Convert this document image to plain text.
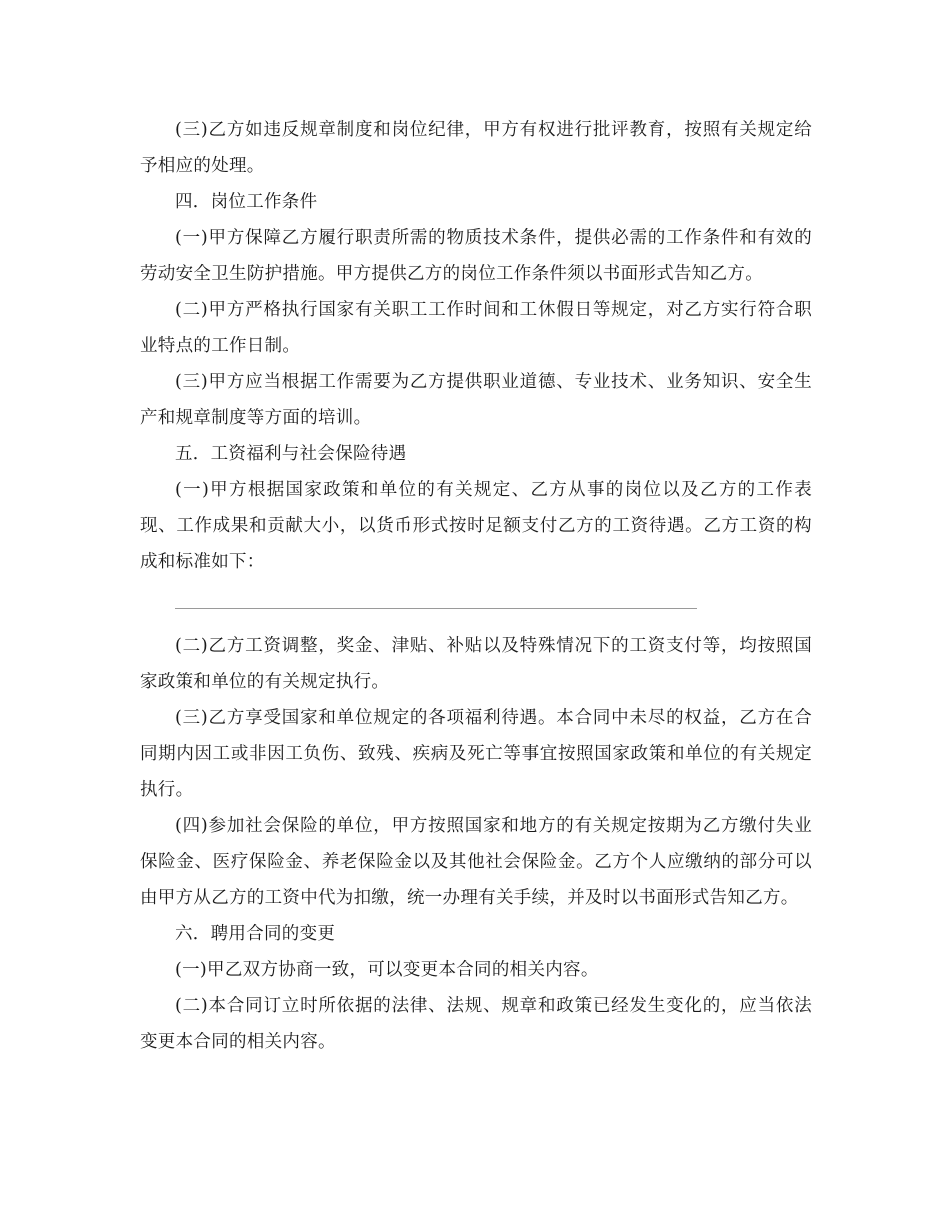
(三)乙方如违反规章制度和岗位纪律，甲方有权进行批评教育，按照有关规定给予相应的处理。

四．岗位工作条件

(一)甲方保障乙方履行职责所需的物质技术条件，提供必需的工作条件和有效的劳动安全卫生防护措施。甲方提供乙方的岗位工作条件须以书面形式告知乙方。

(二)甲方严格执行国家有关职工工作时间和工休假日等规定，对乙方实行符合职业特点的工作日制。

(三)甲方应当根据工作需要为乙方提供职业道德、专业技术、业务知识、安全生产和规章制度等方面的培训。

五．工资福利与社会保险待遇

(一)甲方根据国家政策和单位的有关规定、乙方从事的岗位以及乙方的工作表现、工作成果和贡献大小，以货币形式按时足额支付乙方的工资待遇。乙方工资的构成和标准如下：

(二)乙方工资调整，奖金、津贴、补贴以及特殊情况下的工资支付等，均按照国家政策和单位的有关规定执行。

(三)乙方享受国家和单位规定的各项福利待遇。本合同中未尽的权益，乙方在合同期内因工或非因工负伤、致残、疾病及死亡等事宜按照国家政策和单位的有关规定执行。

(四)参加社会保险的单位，甲方按照国家和地方的有关规定按期为乙方缴付失业保险金、医疗保险金、养老保险金以及其他社会保险金。乙方个人应缴纳的部分可以由甲方从乙方的工资中代为扣缴，统一办理有关手续，并及时以书面形式告知乙方。

六．聘用合同的变更

(一)甲乙双方协商一致，可以变更本合同的相关内容。

(二)本合同订立时所依据的法律、法规、规章和政策已经发生变化的，应当依法变更本合同的相关内容。
